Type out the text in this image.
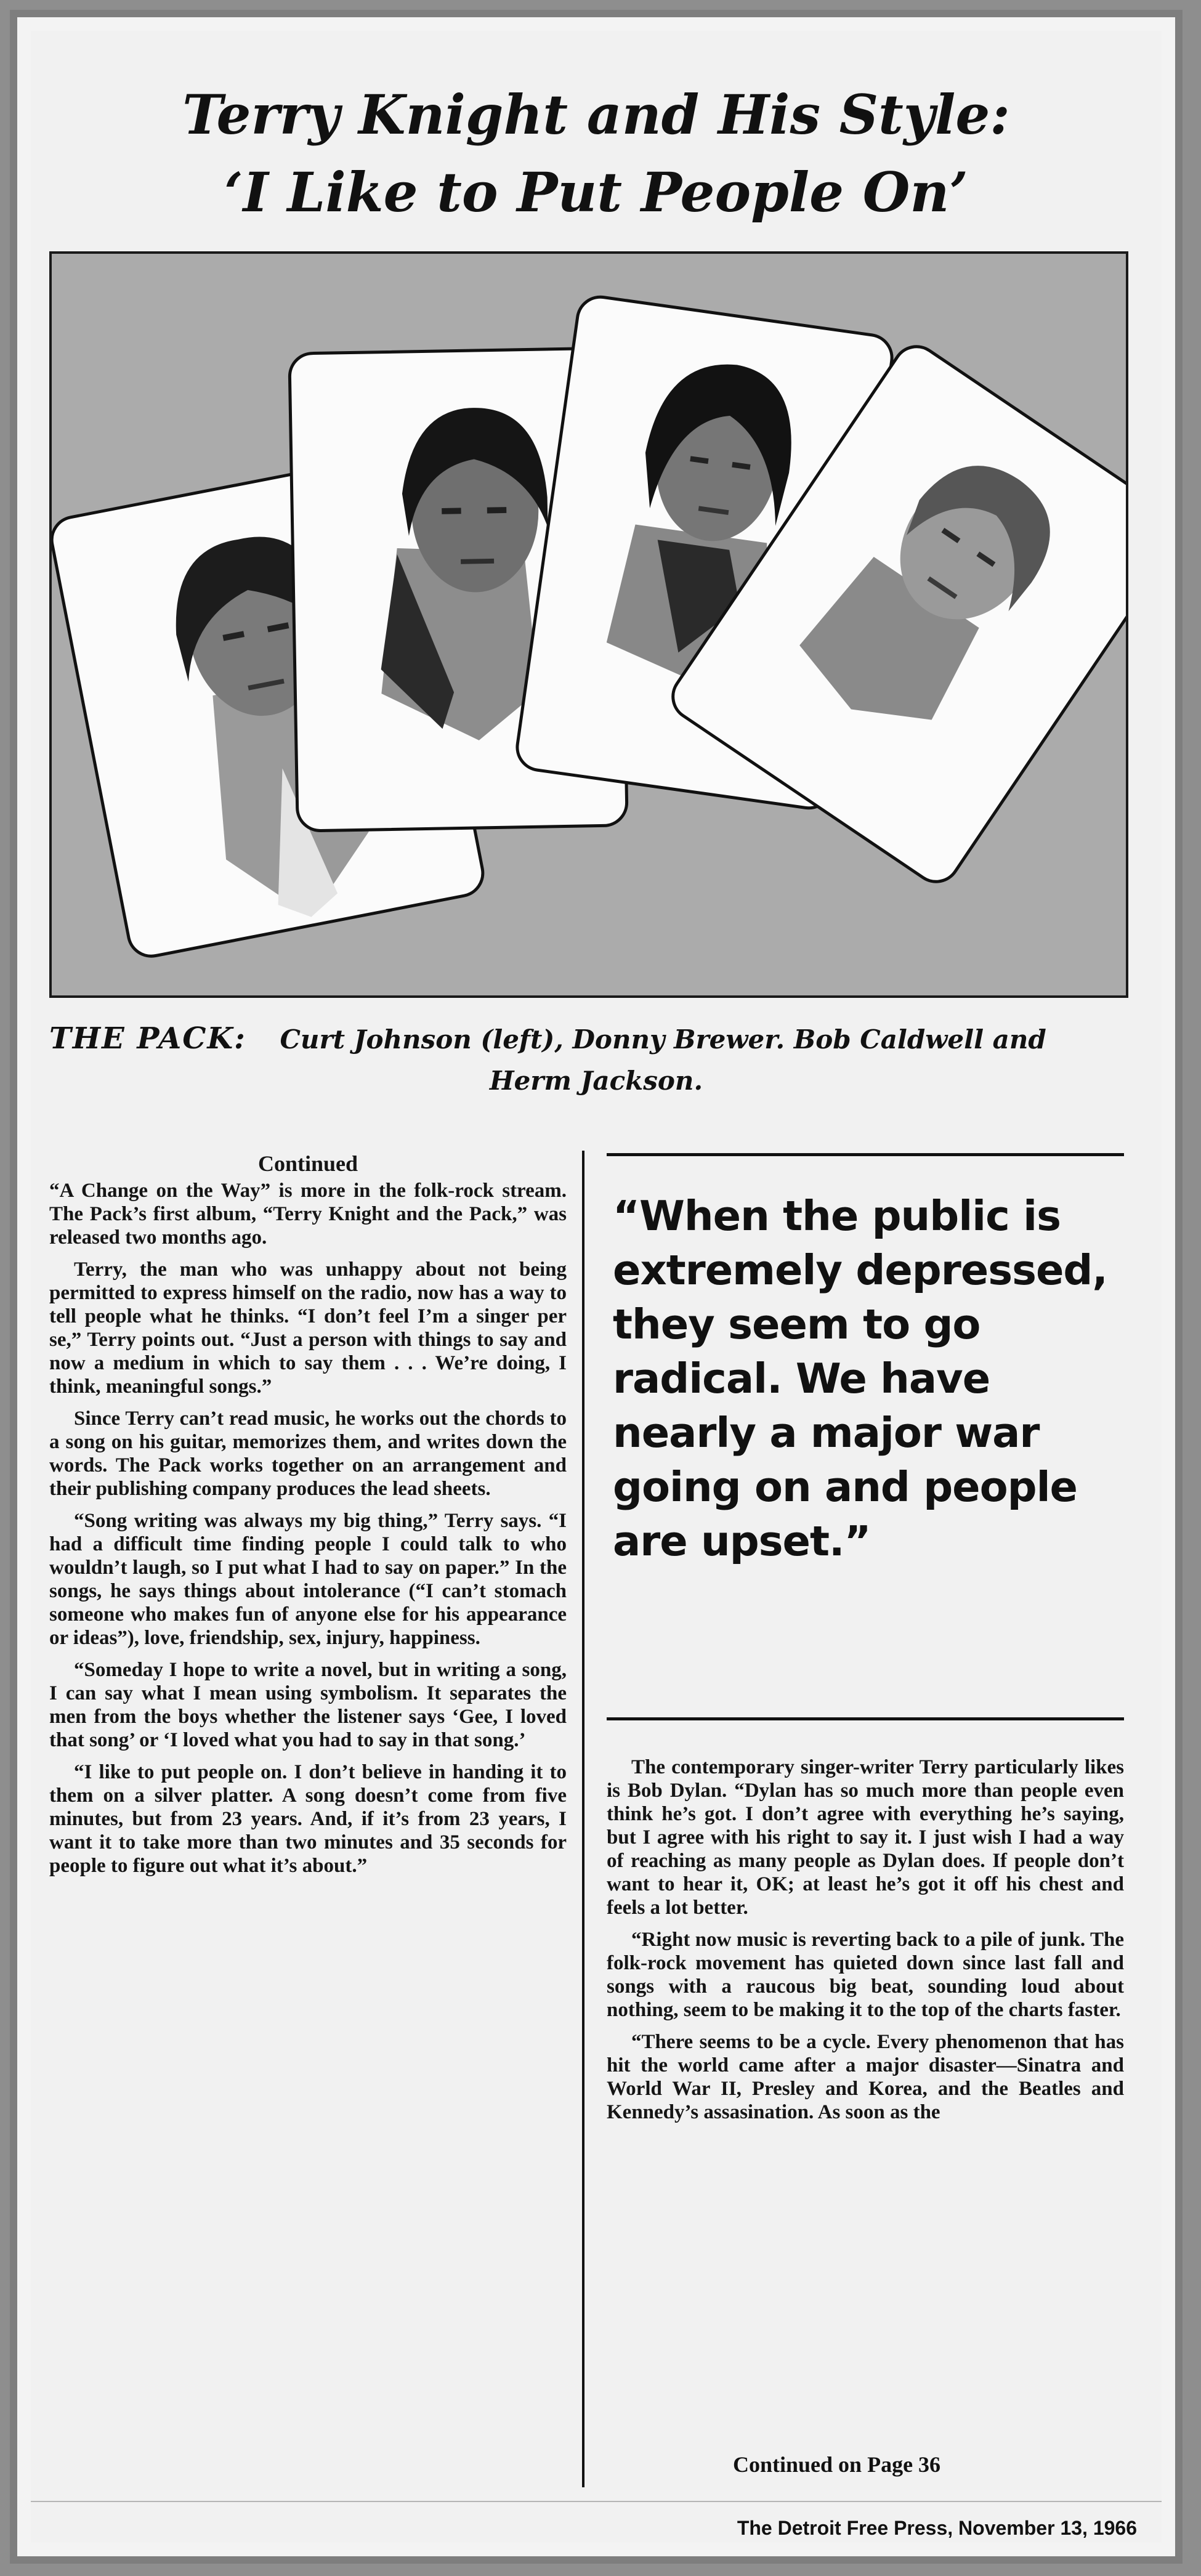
Terry Knight and His Style:
‘I Like to Put People On’
THE PACK: Curt Johnson (left), Donny Brewer. Bob Caldwell and
Herm Jackson.
Continued

“A Change on the Way” is more in the folk-rock stream. The Pack’s first album, “Terry Knight and the Pack,” was released two months ago.

Terry, the man who was unhappy about not being permitted to express himself on the radio, now has a way to tell people what he thinks. “I don’t feel I’m a singer per se,” Terry points out. “Just a person with things to say and now a medium in which to say them . . . We’re doing, I think, meaningful songs.”

Since Terry can’t read music, he works out the chords to a song on his guitar, memorizes them, and writes down the words. The Pack works together on an arrangement and their publishing company produces the lead sheets.

“Song writing was always my big thing,” Terry says. “I had a difficult time finding people I could talk to who wouldn’t laugh, so I put what I had to say on paper.” In the songs, he says things about intolerance (“I can’t stomach someone who makes fun of anyone else for his appearance or ideas”), love, friendship, sex, injury, happiness.

“Someday I hope to write a novel, but in writing a song, I can say what I mean using symbolism. It separates the men from the boys whether the listener says ‘Gee, I loved that song’ or ‘I loved what you had to say in that song.’

“I like to put people on. I don’t believe in handing it to them on a silver platter. A song doesn’t come from five minutes, but from 23 years. And, if it’s from 23 years, I want it to take more than two minutes and 35 seconds for people to figure out what it’s about.”

“When the public is extremely depressed, they seem to go radical. We have nearly a major war going on and people are upset.”

The contemporary singer-writer Terry particularly likes is Bob Dylan. “Dylan has so much more than people even think he’s got. I don’t agree with everything he’s saying, but I agree with his right to say it. I just wish I had a way of reaching as many people as Dylan does. If people don’t want to hear it, OK; at least he’s got it off his chest and feels a lot better.

“Right now music is reverting back to a pile of junk. The folk-rock movement has quieted down since last fall and songs with a raucous big beat, sounding loud about nothing, seem to be making it to the top of the charts faster.

“There seems to be a cycle. Every phenomenon that has hit the world came after a major disaster—Sinatra and World War II, Presley and Korea, and the Beatles and Kennedy’s assasination. As soon as the

Continued on Page 36
The Detroit Free Press, November 13, 1966
